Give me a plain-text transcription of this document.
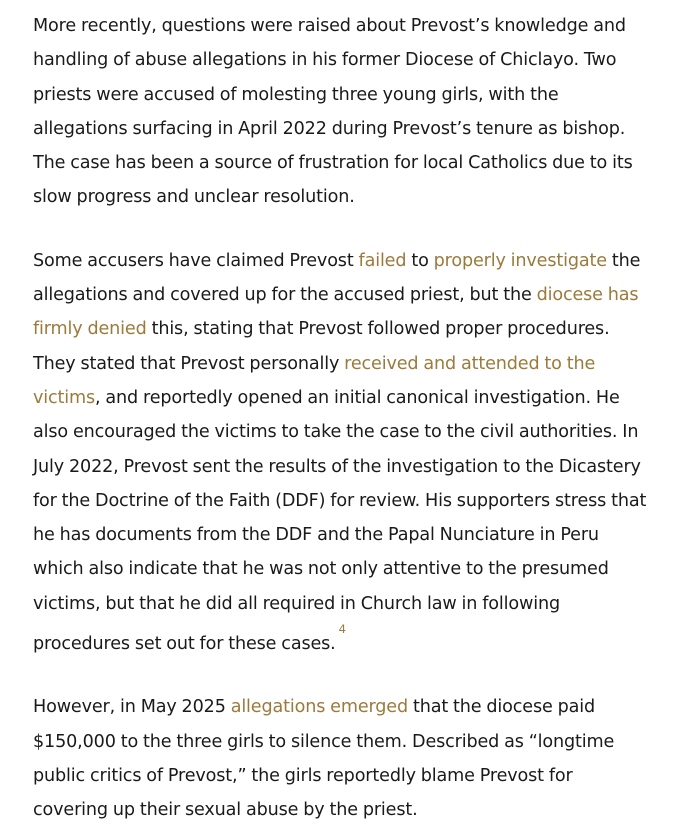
More recently, questions were raised about Prevost’s knowledge and handling of abuse allegations in his former Diocese of Chiclayo. Two priests were accused of molesting three young girls, with the allegations surfacing in April 2022 during Prevost’s tenure as bishop. The case has been a source of frustration for local Catholics due to its slow progress and unclear resolution.

Some accusers have claimed Prevost failed to properly investigate the allegations and covered up for the accused priest, but the diocese has firmly denied this, stating that Prevost followed proper procedures. They stated that Prevost personally received and attended to the victims, and reportedly opened an initial canonical investigation. He also encouraged the victims to take the case to the civil authorities. In July 2022, Prevost sent the results of the investigation to the Dicastery for the Doctrine of the Faith (DDF) for review. His supporters stress that he has documents from the DDF and the Papal Nunciature in Peru which also indicate that he was not only attentive to the presumed victims, but that he did all required in Church law in following procedures set out for these cases.$^4$

However, in May 2025 allegations emerged that the diocese paid $150,000 to the three girls to silence them. Described as “longtime public critics of Prevost,” the girls reportedly blame Prevost for covering up their sexual abuse by the priest.
